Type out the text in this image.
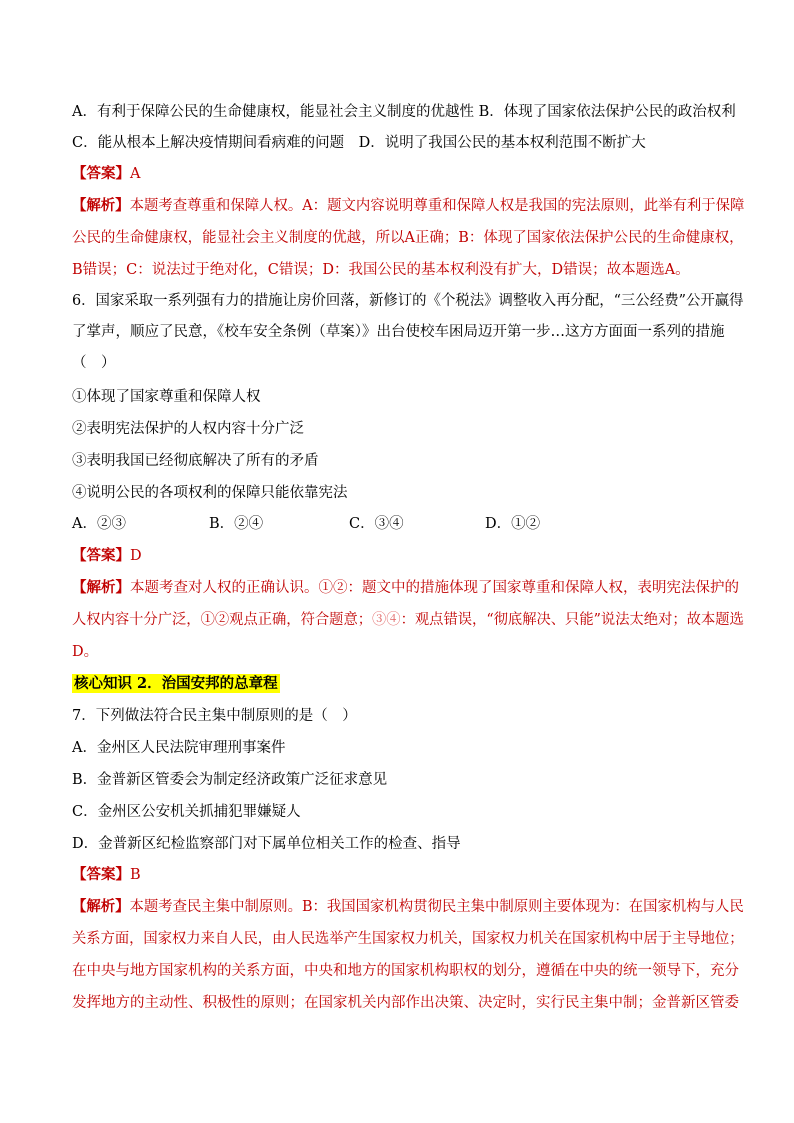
A．有利于保障公民的生命健康权，能显社会主义制度的优越性 B．体现了国家依法保护公民的政治权利
C．能从根本上解决疫情期间看病难的问题　D．说明了我国公民的基本权利范围不断扩大
【答案】A
【解析】本题考查尊重和保障人权。A：题文内容说明尊重和保障人权是我国的宪法原则，此举有利于保障
公民的生命健康权，能显社会主义制度的优越，所以A正确；B：体现了国家依法保护公民的生命健康权，
B错误；C：说法过于绝对化，C错误；D：我国公民的基本权利没有扩大，D错误；故本题选A。
6．国家采取一系列强有力的措施让房价回落，新修订的《个税法》调整收入再分配，“三公经费”公开赢得
了掌声，顺应了民意，《校车安全条例（草案）》出台使校车困局迈开第一步…这方方面面一系列的措施
（　）
①体现了国家尊重和保障人权
②表明宪法保护的人权内容十分广泛
③表明我国已经彻底解决了所有的矛盾
④说明公民的各项权利的保障只能依靠宪法
A．②③	B．②④	C．③④	D．①②
【答案】D
【解析】本题考查对人权的正确认识。①②：题文中的措施体现了国家尊重和保障人权，表明宪法保护的
人权内容十分广泛，①②观点正确，符合题意；③④：观点错误，“彻底解决、只能”说法太绝对；故本题选
D。
核心知识 2．治国安邦的总章程
7．下列做法符合民主集中制原则的是（　）
A．金州区人民法院审理刑事案件
B．金普新区管委会为制定经济政策广泛征求意见
C．金州区公安机关抓捕犯罪嫌疑人
D．金普新区纪检监察部门对下属单位相关工作的检查、指导
【答案】B
【解析】本题考查民主集中制原则。B：我国国家机构贯彻民主集中制原则主要体现为：在国家机构与人民
关系方面，国家权力来自人民，由人民选举产生国家权力机关，国家权力机关在国家机构中居于主导地位；
在中央与地方国家机构的关系方面，中央和地方的国家机构职权的划分，遵循在中央的统一领导下，充分
发挥地方的主动性、积极性的原则；在国家机关内部作出决策、决定时，实行民主集中制；金普新区管委
